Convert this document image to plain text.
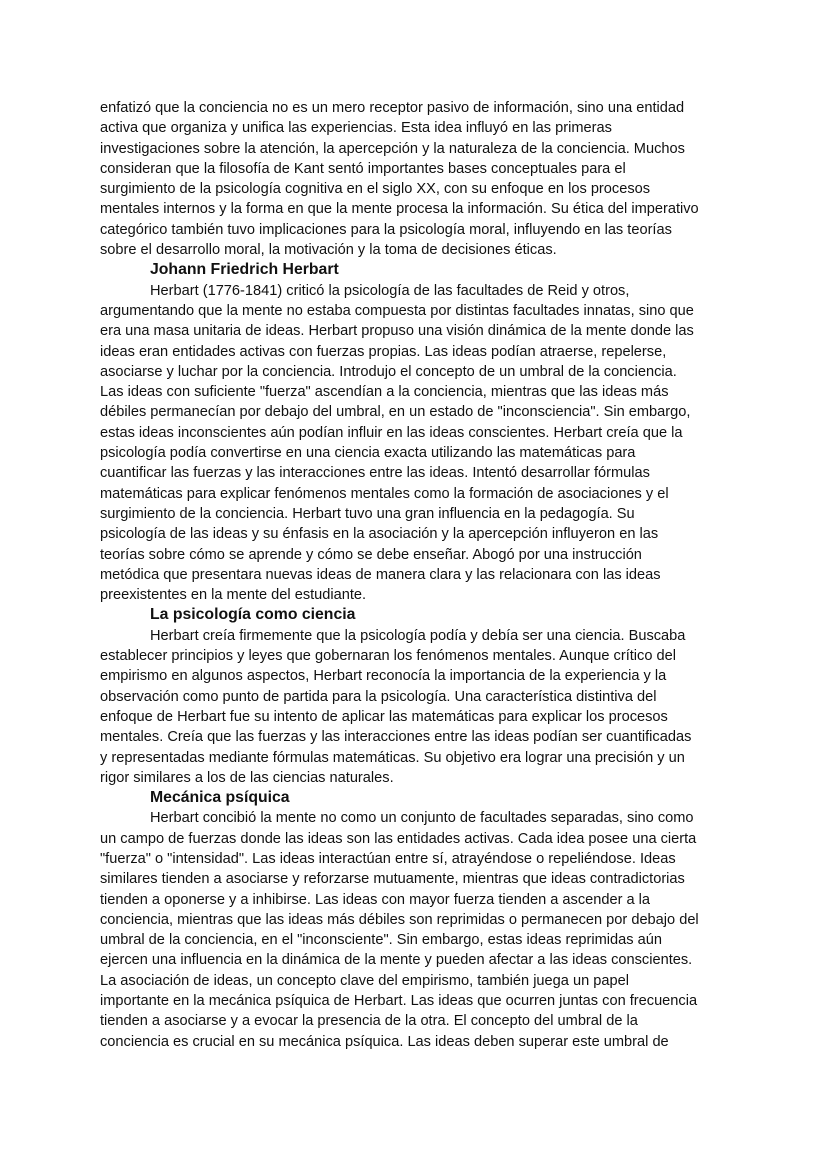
enfatizó que la conciencia no es un mero receptor pasivo de información, sino una entidad
activa que organiza y unifica las experiencias. Esta idea influyó en las primeras
investigaciones sobre la atención, la apercepción y la naturaleza de la conciencia. Muchos
consideran que la filosofía de Kant sentó importantes bases conceptuales para el
surgimiento de la psicología cognitiva en el siglo XX, con su enfoque en los procesos
mentales internos y la forma en que la mente procesa la información. Su ética del imperativo
categórico también tuvo implicaciones para la psicología moral, influyendo en las teorías
sobre el desarrollo moral, la motivación y la toma de decisiones éticas.
Johann Friedrich Herbart
Herbart (1776-1841) criticó la psicología de las facultades de Reid y otros,
argumentando que la mente no estaba compuesta por distintas facultades innatas, sino que
era una masa unitaria de ideas. Herbart propuso una visión dinámica de la mente donde las
ideas eran entidades activas con fuerzas propias. Las ideas podían atraerse, repelerse,
asociarse y luchar por la conciencia. Introdujo el concepto de un umbral de la conciencia.
Las ideas con suficiente "fuerza" ascendían a la conciencia, mientras que las ideas más
débiles permanecían por debajo del umbral, en un estado de "inconsciencia". Sin embargo,
estas ideas inconscientes aún podían influir en las ideas conscientes. Herbart creía que la
psicología podía convertirse en una ciencia exacta utilizando las matemáticas para
cuantificar las fuerzas y las interacciones entre las ideas. Intentó desarrollar fórmulas
matemáticas para explicar fenómenos mentales como la formación de asociaciones y el
surgimiento de la conciencia. Herbart tuvo una gran influencia en la pedagogía. Su
psicología de las ideas y su énfasis en la asociación y la apercepción influyeron en las
teorías sobre cómo se aprende y cómo se debe enseñar. Abogó por una instrucción
metódica que presentara nuevas ideas de manera clara y las relacionara con las ideas
preexistentes en la mente del estudiante.
La psicología como ciencia
Herbart creía firmemente que la psicología podía y debía ser una ciencia. Buscaba
establecer principios y leyes que gobernaran los fenómenos mentales. Aunque crítico del
empirismo en algunos aspectos, Herbart reconocía la importancia de la experiencia y la
observación como punto de partida para la psicología. Una característica distintiva del
enfoque de Herbart fue su intento de aplicar las matemáticas para explicar los procesos
mentales. Creía que las fuerzas y las interacciones entre las ideas podían ser cuantificadas
y representadas mediante fórmulas matemáticas. Su objetivo era lograr una precisión y un
rigor similares a los de las ciencias naturales.
Mecánica psíquica
Herbart concibió la mente no como un conjunto de facultades separadas, sino como
un campo de fuerzas donde las ideas son las entidades activas. Cada idea posee una cierta
"fuerza" o "intensidad". Las ideas interactúan entre sí, atrayéndose o repeliéndose. Ideas
similares tienden a asociarse y reforzarse mutuamente, mientras que ideas contradictorias
tienden a oponerse y a inhibirse. Las ideas con mayor fuerza tienden a ascender a la
conciencia, mientras que las ideas más débiles son reprimidas o permanecen por debajo del
umbral de la conciencia, en el "inconsciente". Sin embargo, estas ideas reprimidas aún
ejercen una influencia en la dinámica de la mente y pueden afectar a las ideas conscientes.
La asociación de ideas, un concepto clave del empirismo, también juega un papel
importante en la mecánica psíquica de Herbart. Las ideas que ocurren juntas con frecuencia
tienden a asociarse y a evocar la presencia de la otra. El concepto del umbral de la
conciencia es crucial en su mecánica psíquica. Las ideas deben superar este umbral de
